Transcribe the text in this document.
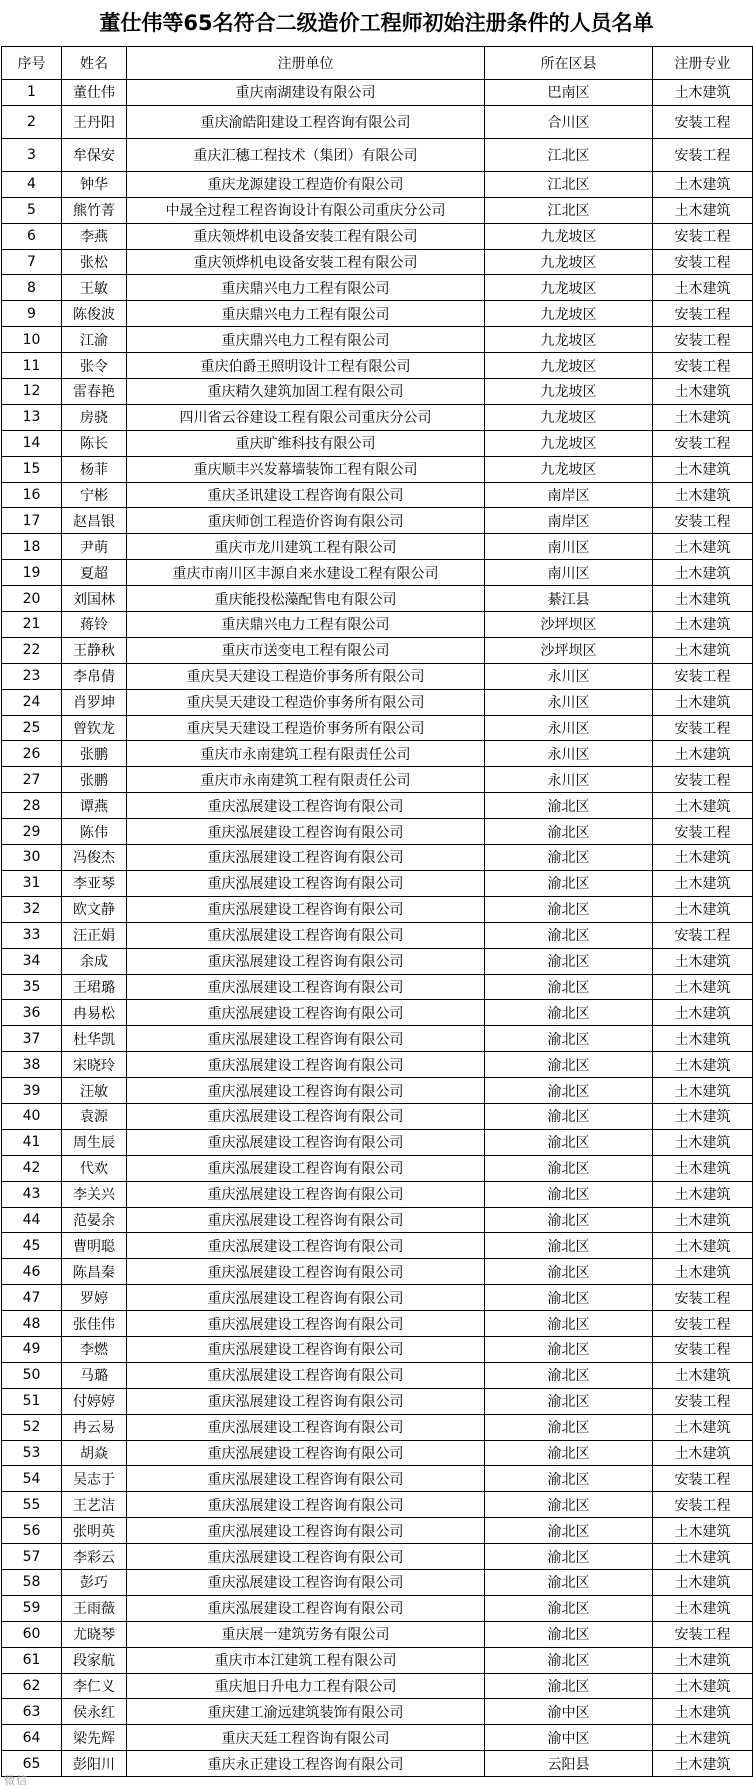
董仕伟等65名符合二级造价工程师初始注册条件的人员名单
序号	姓名	注册单位	所在区县	注册专业
1	董仕伟	重庆南湖建设有限公司	巴南区	土木建筑
2	王丹阳	重庆渝皓阳建设工程咨询有限公司	合川区	安装工程
3	牟保安	重庆汇穗工程技术（集团）有限公司	江北区	安装工程
4	钟华	重庆龙源建设工程造价有限公司	江北区	土木建筑
5	熊竹菁	中晟全过程工程咨询设计有限公司重庆分公司	江北区	土木建筑
6	李燕	重庆领烨机电设备安装工程有限公司	九龙坡区	安装工程
7	张松	重庆领烨机电设备安装工程有限公司	九龙坡区	安装工程
8	王敏	重庆鼎兴电力工程有限公司	九龙坡区	土木建筑
9	陈俊波	重庆鼎兴电力工程有限公司	九龙坡区	安装工程
10	江渝	重庆鼎兴电力工程有限公司	九龙坡区	安装工程
11	张令	重庆伯爵王照明设计工程有限公司	九龙坡区	安装工程
12	雷春艳	重庆精久建筑加固工程有限公司	九龙坡区	土木建筑
13	房骁	四川省云谷建设工程有限公司重庆分公司	九龙坡区	土木建筑
14	陈长	重庆旷维科技有限公司	九龙坡区	安装工程
15	杨菲	重庆顺丰兴发幕墙装饰工程有限公司	九龙坡区	土木建筑
16	宁彬	重庆圣讯建设工程咨询有限公司	南岸区	土木建筑
17	赵昌银	重庆师创工程造价咨询有限公司	南岸区	安装工程
18	尹萌	重庆市龙川建筑工程有限公司	南川区	土木建筑
19	夏超	重庆市南川区丰源自来水建设工程有限公司	南川区	土木建筑
20	刘国林	重庆能投松藻配售电有限公司	綦江县	土木建筑
21	蒋铃	重庆鼎兴电力工程有限公司	沙坪坝区	土木建筑
22	王静秋	重庆市送变电工程有限公司	沙坪坝区	土木建筑
23	李帛倩	重庆昊天建设工程造价事务所有限公司	永川区	安装工程
24	肖罗坤	重庆昊天建设工程造价事务所有限公司	永川区	土木建筑
25	曾钦龙	重庆昊天建设工程造价事务所有限公司	永川区	安装工程
26	张鹏	重庆市永南建筑工程有限责任公司	永川区	土木建筑
27	张鹏	重庆市永南建筑工程有限责任公司	永川区	安装工程
28	谭燕	重庆泓展建设工程咨询有限公司	渝北区	土木建筑
29	陈伟	重庆泓展建设工程咨询有限公司	渝北区	安装工程
30	冯俊杰	重庆泓展建设工程咨询有限公司	渝北区	土木建筑
31	李亚琴	重庆泓展建设工程咨询有限公司	渝北区	土木建筑
32	欧文静	重庆泓展建设工程咨询有限公司	渝北区	土木建筑
33	汪正娟	重庆泓展建设工程咨询有限公司	渝北区	安装工程
34	余成	重庆泓展建设工程咨询有限公司	渝北区	土木建筑
35	王珺璐	重庆泓展建设工程咨询有限公司	渝北区	土木建筑
36	冉易松	重庆泓展建设工程咨询有限公司	渝北区	土木建筑
37	杜华凯	重庆泓展建设工程咨询有限公司	渝北区	土木建筑
38	宋晓玲	重庆泓展建设工程咨询有限公司	渝北区	土木建筑
39	汪敏	重庆泓展建设工程咨询有限公司	渝北区	土木建筑
40	袁源	重庆泓展建设工程咨询有限公司	渝北区	土木建筑
41	周生辰	重庆泓展建设工程咨询有限公司	渝北区	土木建筑
42	代欢	重庆泓展建设工程咨询有限公司	渝北区	土木建筑
43	李关兴	重庆泓展建设工程咨询有限公司	渝北区	土木建筑
44	范晏余	重庆泓展建设工程咨询有限公司	渝北区	土木建筑
45	曹明聪	重庆泓展建设工程咨询有限公司	渝北区	土木建筑
46	陈昌秦	重庆泓展建设工程咨询有限公司	渝北区	土木建筑
47	罗婷	重庆泓展建设工程咨询有限公司	渝北区	安装工程
48	张佳伟	重庆泓展建设工程咨询有限公司	渝北区	安装工程
49	李燃	重庆泓展建设工程咨询有限公司	渝北区	安装工程
50	马璐	重庆泓展建设工程咨询有限公司	渝北区	土木建筑
51	付婷婷	重庆泓展建设工程咨询有限公司	渝北区	安装工程
52	冉云易	重庆泓展建设工程咨询有限公司	渝北区	土木建筑
53	胡焱	重庆泓展建设工程咨询有限公司	渝北区	土木建筑
54	吴志于	重庆泓展建设工程咨询有限公司	渝北区	安装工程
55	王艺洁	重庆泓展建设工程咨询有限公司	渝北区	安装工程
56	张明英	重庆泓展建设工程咨询有限公司	渝北区	土木建筑
57	李彩云	重庆泓展建设工程咨询有限公司	渝北区	土木建筑
58	彭巧	重庆泓展建设工程咨询有限公司	渝北区	土木建筑
59	王雨薇	重庆泓展建设工程咨询有限公司	渝北区	土木建筑
60	尤晓琴	重庆展一建筑劳务有限公司	渝北区	安装工程
61	段家航	重庆市本江建筑工程有限公司	渝北区	土木建筑
62	李仁义	重庆旭日升电力工程有限公司	渝北区	土木建筑
63	侯永红	重庆建工渝远建筑装饰有限公司	渝中区	土木建筑
64	梁先辉	重庆天廷工程咨询有限公司	渝中区	土木建筑
65	彭阳川	重庆永正建设工程咨询有限公司	云阳县	土木建筑
微信
